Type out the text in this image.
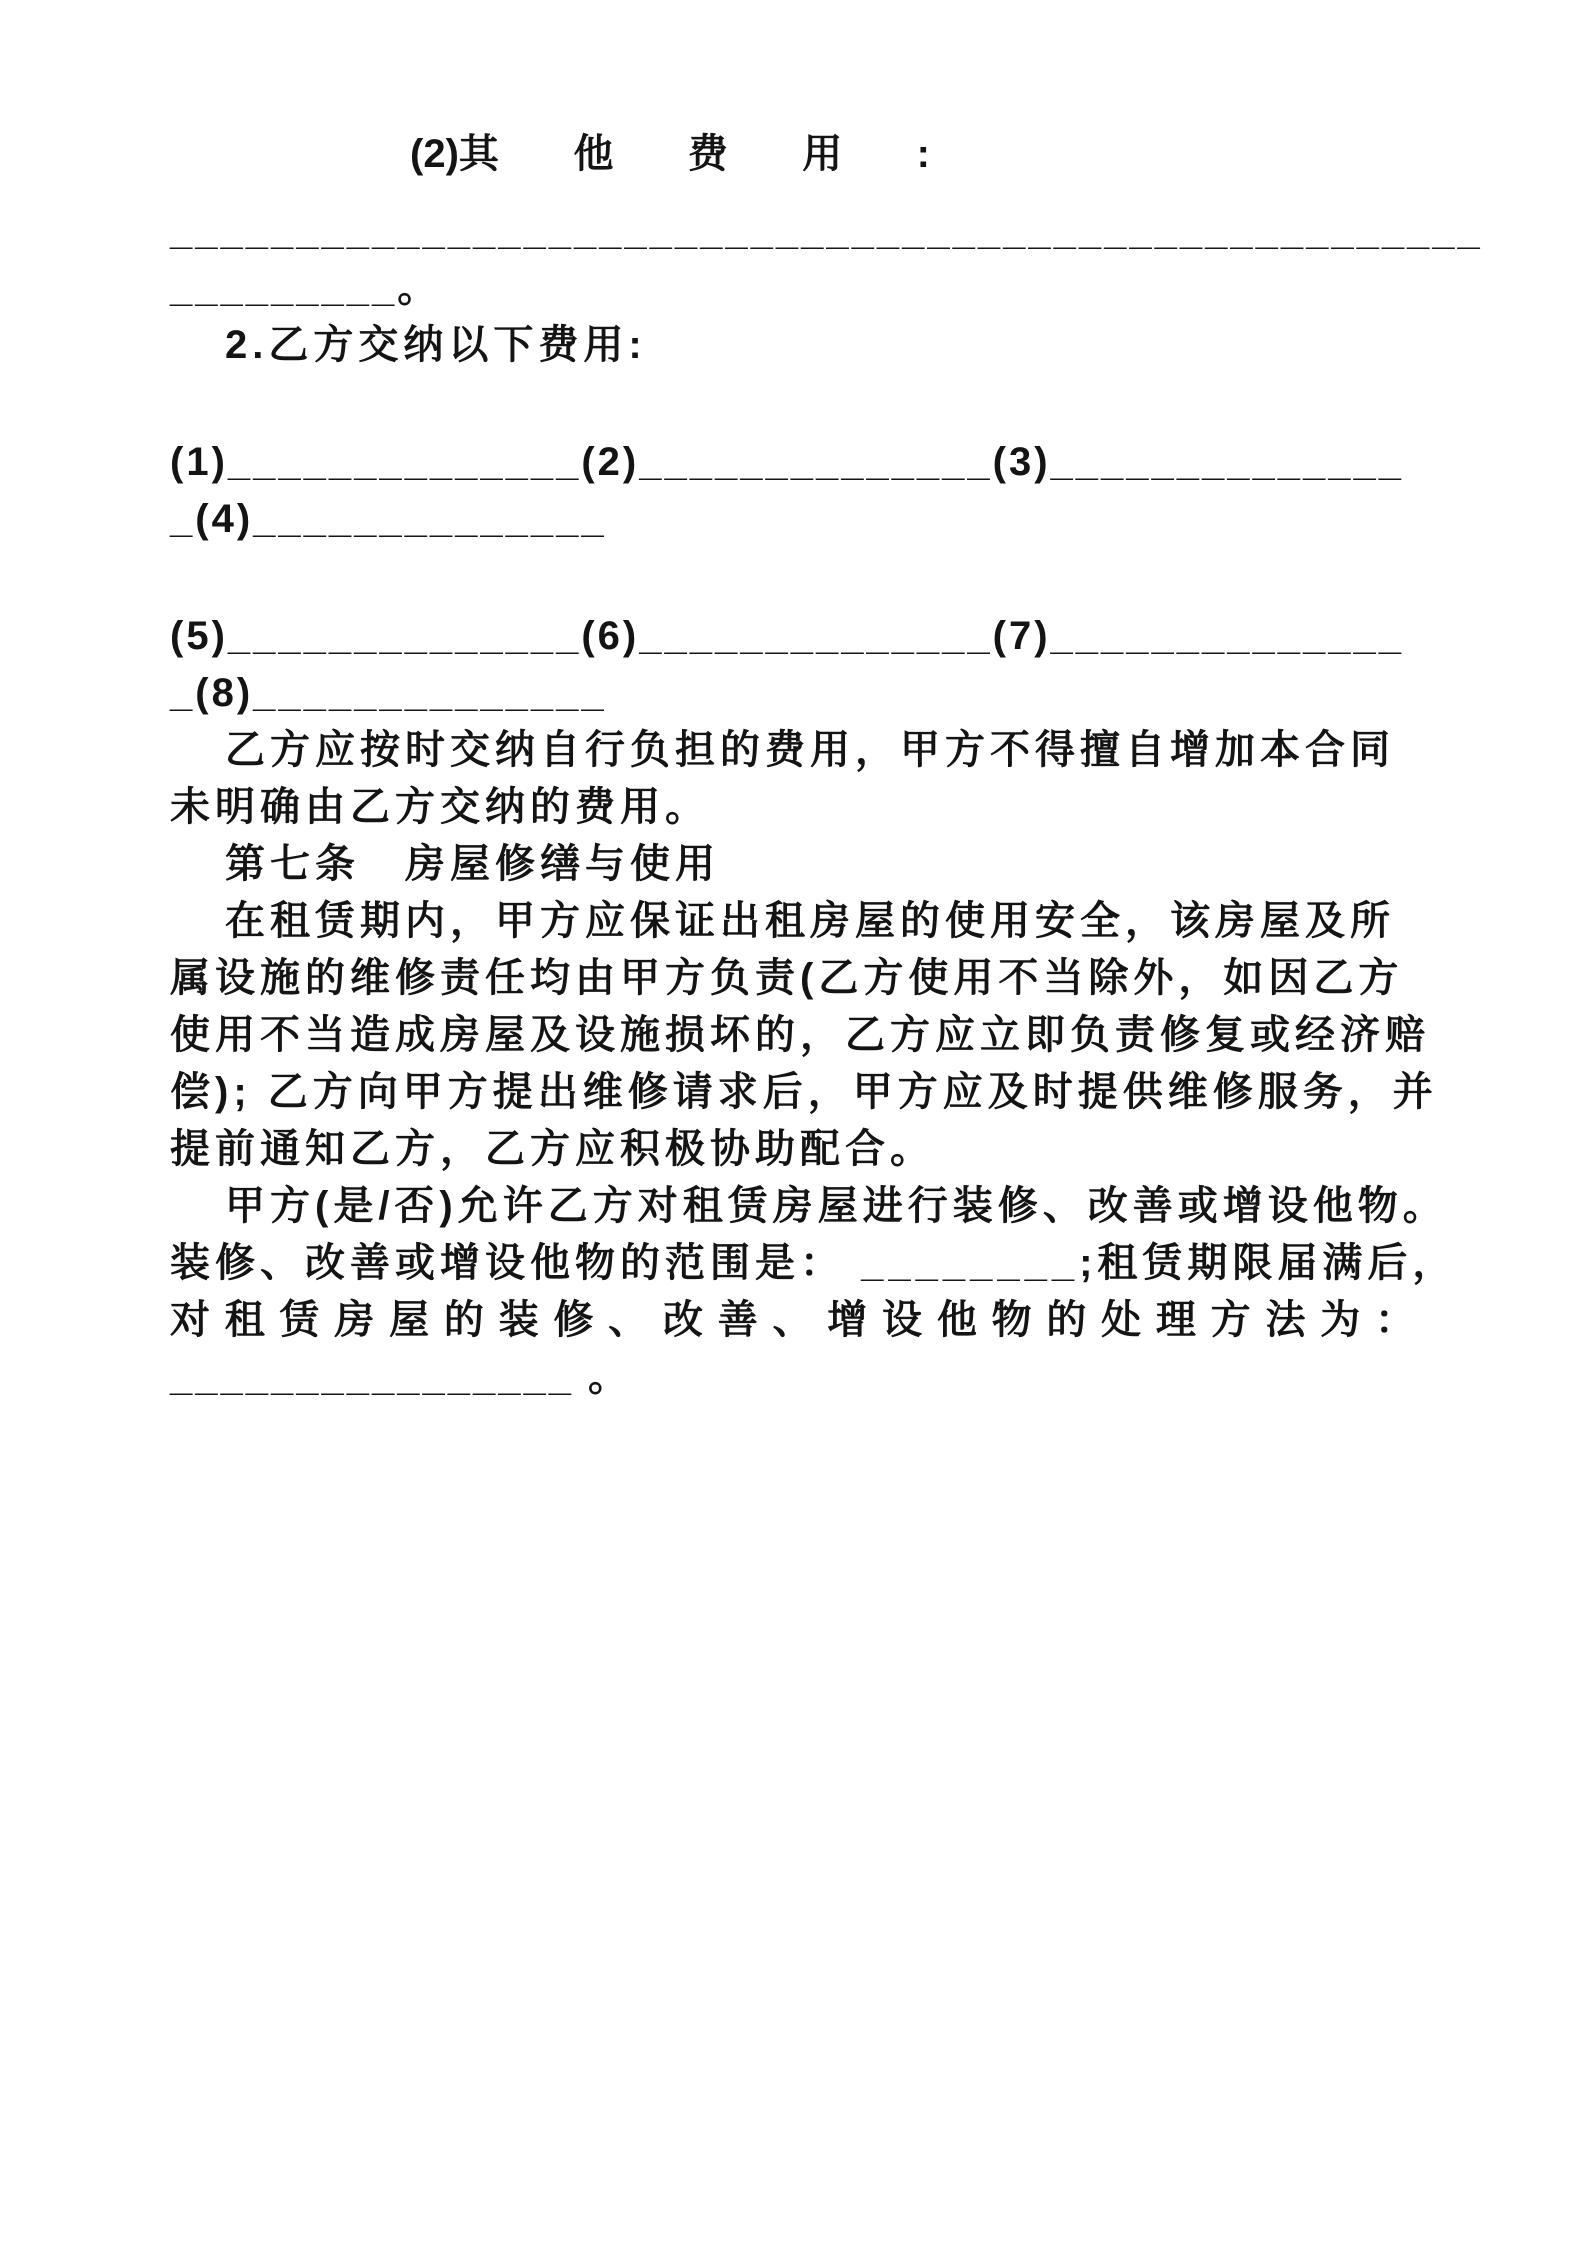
(2)其 他 费 用 :
____________________________________________________
_________。
2.乙方交纳以下费用:
(1)______________(2)______________(3)______________
_(4)______________
(5)______________(6)______________(7)______________
_(8)______________
乙方应按时交纳自行负担的费用，甲方不得擅自增加本合同
未明确由乙方交纳的费用。
第七条　房屋修缮与使用
在租赁期内，甲方应保证出租房屋的使用安全，该房屋及所
属设施的维修责任均由甲方负责(乙方使用不当除外，如因乙方
使用不当造成房屋及设施损坏的，乙方应立即负责修复或经济赔
偿); 乙方向甲方提出维修请求后，甲方应及时提供维修服务，并
提前通知乙方，乙方应积极协助配合。
甲方(是/否)允许乙方对租赁房屋进行装修、改善或增设他物。
装修、改善或增设他物的范围是： ________;租赁期限届满后，
对租赁房屋的装修、改善、增设他物的处理方法为：
________________ 。
